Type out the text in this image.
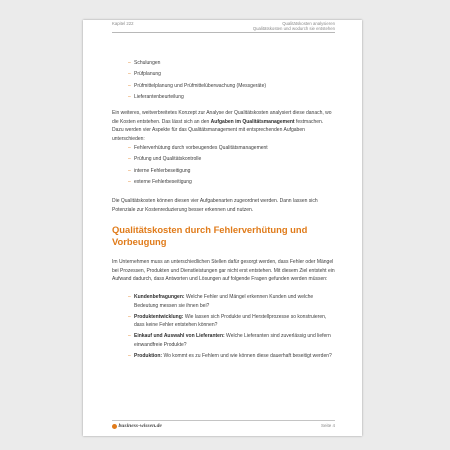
Kapitel 222	Qualitätskosten analysieren
Qualitätskosten und wodurch sie entstehen
– Schulungen
– Prüfplanung
– Prüfmittelplanung und Prüfmittelüberwachung (Messgeräte)
– Lieferantenbeurteilung

Ein weiteres, weitverbreitetes Konzept zur Analyse der Qualitätskosten analysiert diese danach, wo die Kosten entstehen. Das lässt sich an den Aufgaben im Qualitätsmanagement festmachen. Dazu werden vier Aspekte für das Qualitätsmanagement mit entsprechenden Aufgaben unterschieden:

– Fehlerverhütung durch vorbeugendes Qualitätsmanagement
– Prüfung und Qualitätskontrolle
– interne Fehlerbeseitigung
– externe Fehlerbeseitigung

Die Qualitätskosten können diesen vier Aufgabenarten zugeordnet werden. Dann lassen sich Potenziale zur Kostenreduzierung besser erkennen und nutzen.

Qualitätskosten durch Fehlerverhütung und Vorbeugung

Im Unternehmen muss an unterschiedlichen Stellen dafür gesorgt werden, dass Fehler oder Mängel bei Prozessen, Produkten und Dienstleistungen gar nicht erst entstehen. Mit diesem Ziel entsteht ein Aufwand dadurch, dass Antworten und Lösungen auf folgende Fragen gefunden werden müssen:

– Kundenbefragungen: Welche Fehler und Mängel erkennen Kunden und welche Bedeutung messen sie ihnen bei?
– Produktentwicklung: Wie lassen sich Produkte und Herstellprozesse so konstruieren, dass keine Fehler entstehen können?
– Einkauf und Auswahl von Lieferanten: Welche Lieferanten sind zuverlässig und liefern einwandfreie Produkte?
– Produktion: Wo kommt es zu Fehlern und wie können diese dauerhaft beseitigt werden?
business-wissen.de	Seite 4
